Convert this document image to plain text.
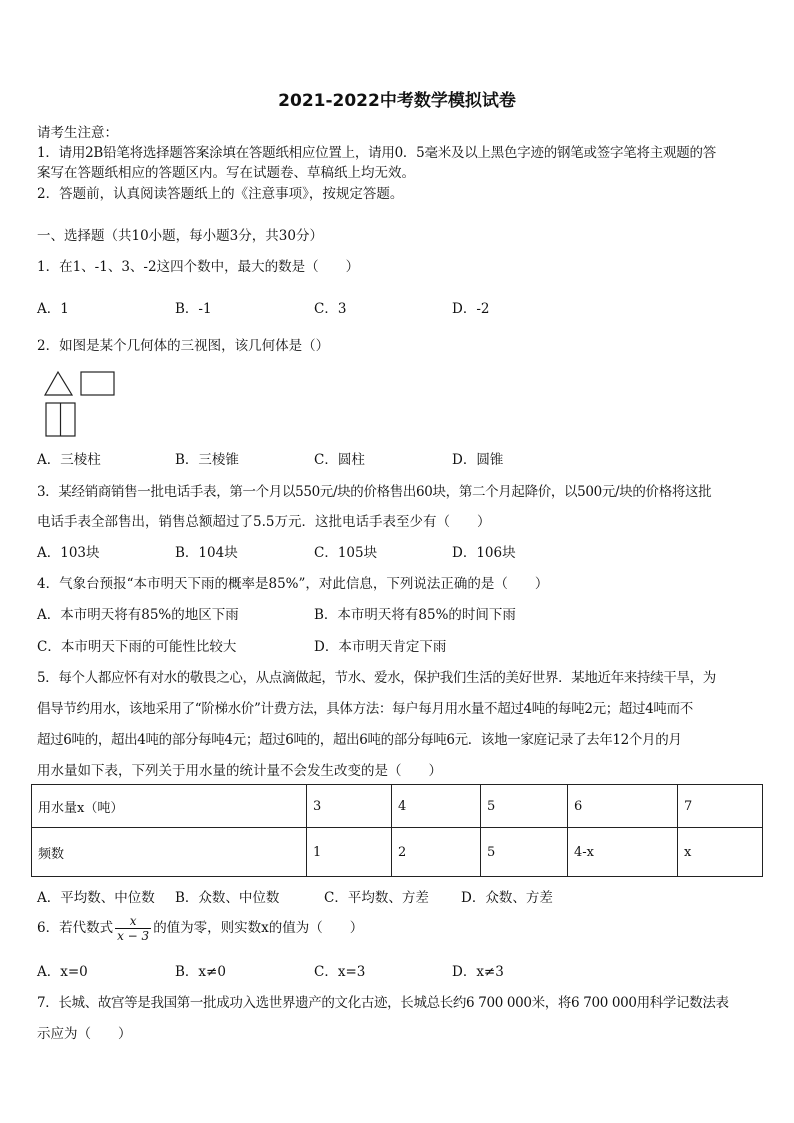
2021-2022中考数学模拟试卷
请考生注意：
1．请用2B铅笔将选择题答案涂填在答题纸相应位置上，请用0．5毫米及以上黑色字迹的钢笔或签字笔将主观题的答
案写在答题纸相应的答题区内。写在试题卷、草稿纸上均无效。
2．答题前，认真阅读答题纸上的《注意事项》，按规定答题。
一、选择题（共10小题，每小题3分，共30分）
1．在1、-1、3、-2这四个数中，最大的数是（　　）
A．1	B．-1	C．3	D．-2
2．如图是某个几何体的三视图，该几何体是（）
A．三棱柱	B．三棱锥	C．圆柱	D．圆锥
3．某经销商销售一批电话手表，第一个月以550元/块的价格售出60块，第二个月起降价，以500元/块的价格将这批
电话手表全部售出，销售总额超过了5.5万元．这批电话手表至少有（　　）
A．103块	B．104块	C．105块	D．106块
4．气象台预报“本市明天下雨的概率是85%”，对此信息，下列说法正确的是（　　）
A．本市明天将有85%的地区下雨	B．本市明天将有85%的时间下雨
C．本市明天下雨的可能性比较大	D．本市明天肯定下雨
5．每个人都应怀有对水的敬畏之心，从点滴做起，节水、爱水，保护我们生活的美好世界．某地近年来持续干旱，为
倡导节约用水，该地采用了“阶梯水价”计费方法，具体方法：每户每月用水量不超过4吨的每吨2元；超过4吨而不
超过6吨的，超出4吨的部分每吨4元；超过6吨的，超出6吨的部分每吨6元．该地一家庭记录了去年12个月的月
用水量如下表，下列关于用水量的统计量不会发生改变的是（　　）
用水量x（吨）	3	4	5	6	7
频数	1	2	5	4-x	x
A．平均数、中位数 B．众数、中位数	C．平均数、方差 D．众数、方差
6．若代数式 $\frac{x}{x - 3}$ 的值为零，则实数x的值为（　　）
A．x=0	B．x≠0	C．x=3	D．x≠3
7．长城、故宫等是我国第一批成功入选世界遗产的文化古迹，长城总长约6 700 000米，将6 700 000用科学记数法表
示应为（　　）
